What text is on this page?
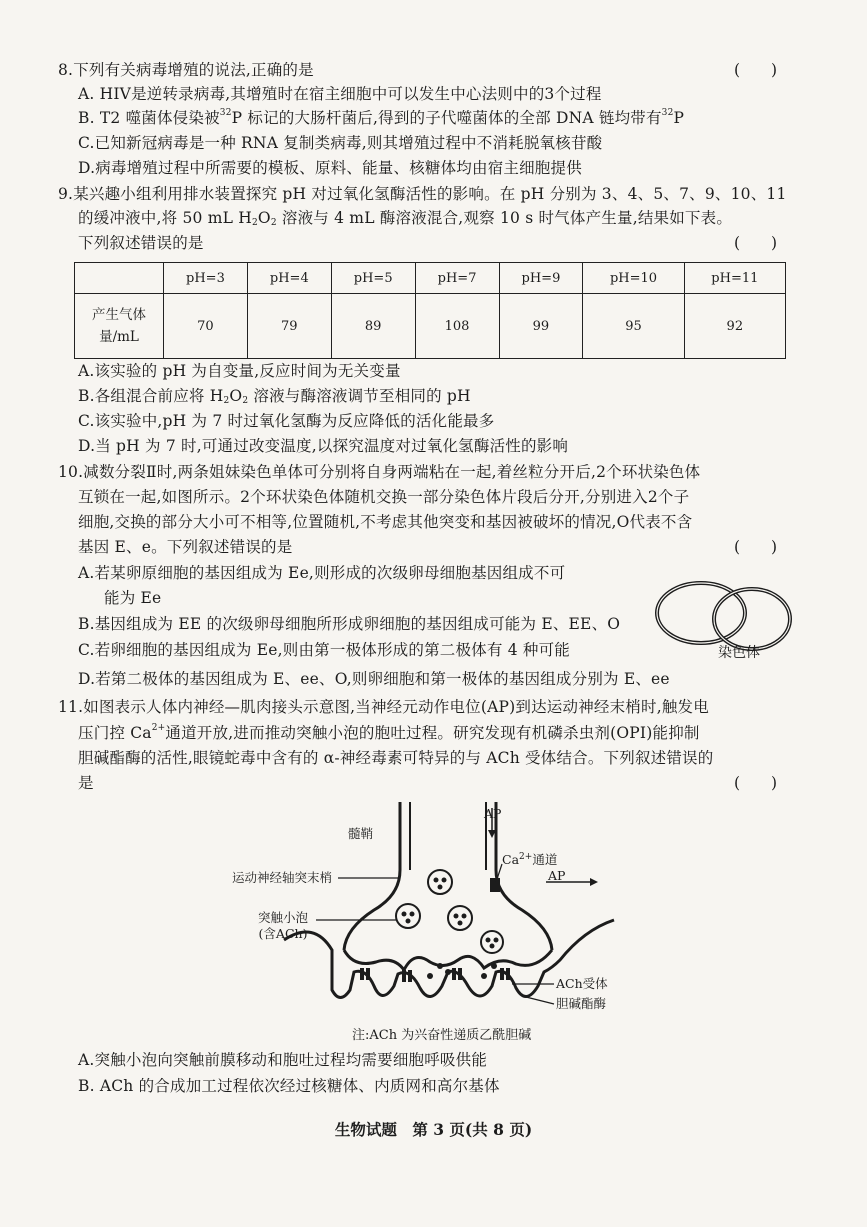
8.下列有关病毒增殖的说法,正确的是	(　　)
A. HIV是逆转录病毒,其增殖时在宿主细胞中可以发生中心法则中的3个过程
B. T2 噬菌体侵染被$^{32}$P 标记的大肠杆菌后,得到的子代噬菌体的全部 DNA 链均带有$^{32}$P
C.已知新冠病毒是一种 RNA 复制类病毒,则其增殖过程中不消耗脱氧核苷酸
D.病毒增殖过程中所需要的模板、原料、能量、核糖体均由宿主细胞提供
9.某兴趣小组利用排水装置探究 pH 对过氧化氢酶活性的影响。在 pH 分别为 3、4、5、7、9、10、11
的缓冲液中,将 50 mL H2O2 溶液与 4 mL 酶溶液混合,观察 10 s 时气体产生量,结果如下表。
下列叙述错误的是	(　　)
	pH=3	pH=4	pH=5	pH=7	pH=9	pH=10	pH=11
产生气体
量/mL	70	79	89	108	99	95	92
A.该实验的 pH 为自变量,反应时间为无关变量
B.各组混合前应将 H2O2 溶液与酶溶液调节至相同的 pH
C.该实验中,pH 为 7 时过氧化氢酶为反应降低的活化能最多
D.当 pH 为 7 时,可通过改变温度,以探究温度对过氧化氢酶活性的影响
10.减数分裂Ⅱ时,两条姐妹染色单体可分别将自身两端粘在一起,着丝粒分开后,2个环状染色体
互锁在一起,如图所示。2个环状染色体随机交换一部分染色体片段后分开,分别进入2个子
细胞,交换的部分大小可不相等,位置随机,不考虑其他突变和基因被破坏的情况,O代表不含
基因 E、e。下列叙述错误的是	(　　)
A.若某卵原细胞的基因组成为 Ee,则形成的次级卵母细胞基因组成不可
能为 Ee
B.基因组成为 EE 的次级卵母细胞所形成卵细胞的基因组成可能为 E、EE、O
C.若卵细胞的基因组成为 Ee,则由第一极体形成的第二极体有 4 种可能
D.若第二极体的基因组成为 E、ee、O,则卵细胞和第一极体的基因组成分别为 E、ee
染色体
11.如图表示人体内神经—肌肉接头示意图,当神经元动作电位(AP)到达运动神经末梢时,触发电
压门控 $Ca^{2+}$通道开放,进而推动突触小泡的胞吐过程。研究发现有机磷杀虫剂(OPI)能抑制
胆碱酯酶的活性,眼镜蛇毒中含有的 α-神经毒素可特异的与 ACh 受体结合。下列叙述错误的
是	(　　)
髓鞘
AP
$Ca^{2+}$通道
AP
运动神经轴突末梢
突触小泡
(含ACh)
ACh受体
胆碱酯酶
注:ACh 为兴奋性递质乙酰胆碱
A.突触小泡向突触前膜移动和胞吐过程均需要细胞呼吸供能
B. ACh 的合成加工过程依次经过核糖体、内质网和高尔基体
生物试题　第 3 页(共 8 页)
